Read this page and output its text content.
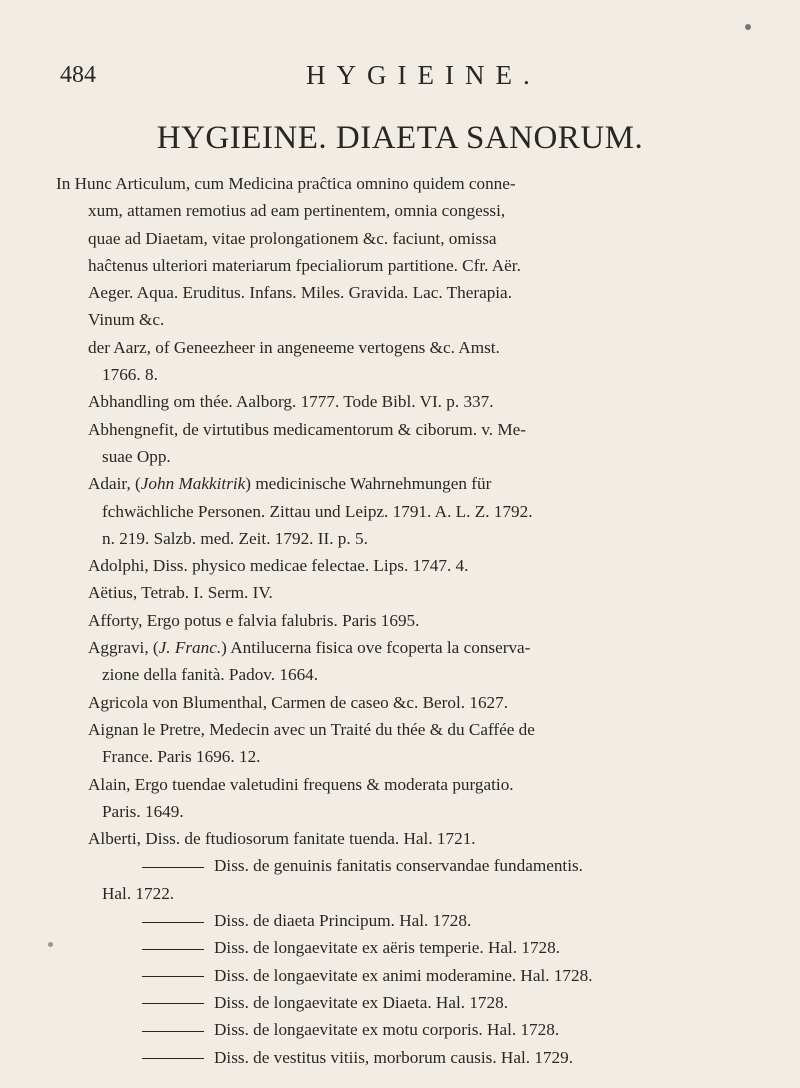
484	HYGIEINE.
HYGIEINE. DIAETA SANORUM.
In Hunc Articulum, cum Medicina praĉtica omnino quidem conne-
xum, attamen remotius ad eam pertinentem, omnia congessi,
quae ad Diaetam, vitae prolongationem &c. faciunt, omissa
haĉtenus ulteriori materiarum fpecialiorum partitione. Cfr. Aër.
Aeger. Aqua. Eruditus. Infans. Miles. Gravida. Lac. Therapia.
Vinum &c.
der Aarz, of Geneezheer in angeneeme vertogens &c. Amst.
1766. 8.
Abhandling om thée. Aalborg. 1777. Tode Bibl. VI. p. 337.
Abhengnefit, de virtutibus medicamentorum & ciborum. v. Me-
suae Opp.
Adair, (John Makkitrik) medicinische Wahrnehmungen für
fchwächliche Personen. Zittau und Leipz. 1791. A. L. Z. 1792.
n. 219. Salzb. med. Zeit. 1792. II. p. 5.
Adolphi, Diss. physico medicae felectae. Lips. 1747. 4.
Aëtius, Tetrab. I. Serm. IV.
Afforty, Ergo potus e falvia falubris. Paris 1695.
Aggravi, (J. Franc.) Antilucerna fisica ove fcoperta la conserva-
zione della fanità. Padov. 1664.
Agricola von Blumenthal, Carmen de caseo &c. Berol. 1627.
Aignan le Pretre, Medecin avec un Traité du thée & du Caffée de
France. Paris 1696. 12.
Alain, Ergo tuendae valetudini frequens & moderata purgatio.
Paris. 1649.
Alberti, Diss. de ftudiosorum fanitate tuenda. Hal. 1721.
Diss. de genuinis fanitatis conservandae fundamentis.
Hal. 1722.
Diss. de diaeta Principum. Hal. 1728.
Diss. de longaevitate ex aëris temperie. Hal. 1728.
Diss. de longaevitate ex animi moderamine. Hal. 1728.
Diss. de longaevitate ex Diaeta. Hal. 1728.
Diss. de longaevitate ex motu corporis. Hal. 1728.
Diss. de vestitus vitiis, morborum causis. Hal. 1729.
